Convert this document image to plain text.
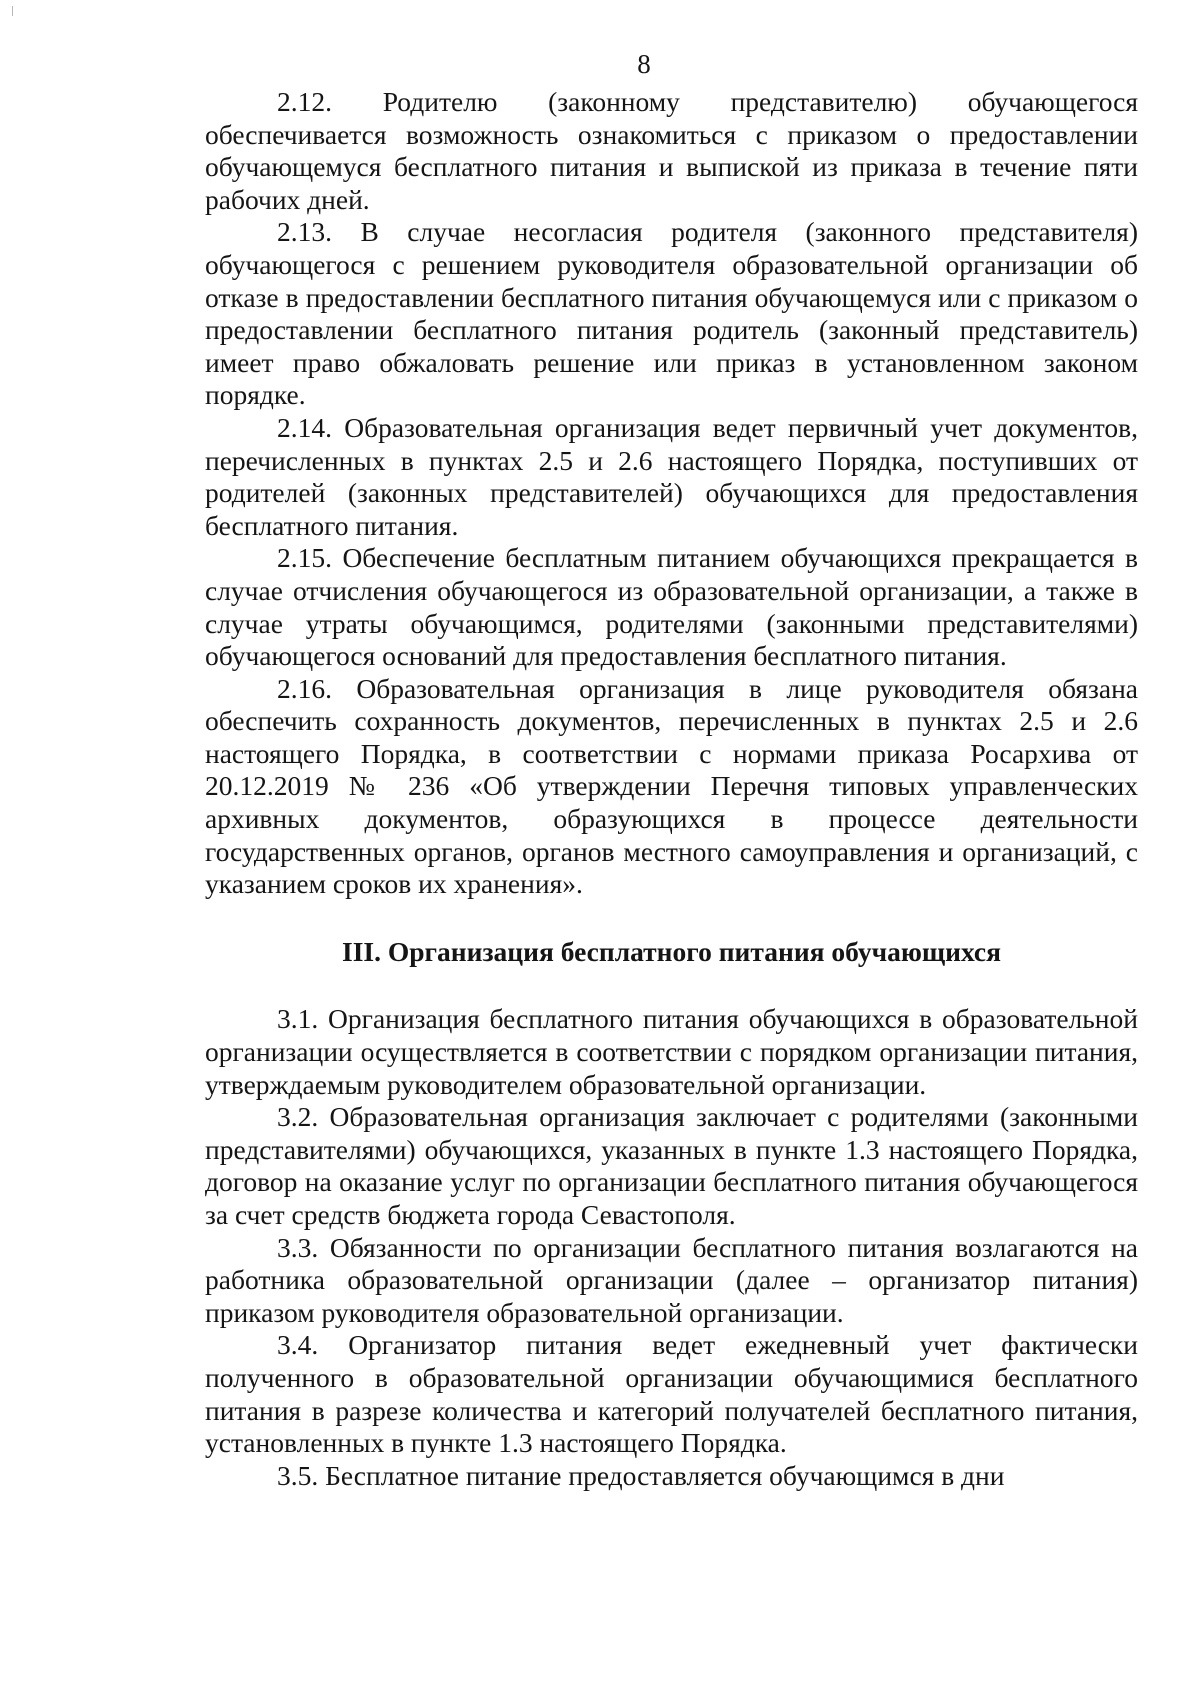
8

2.12. Родителю (законному представителю) обучающегося обеспечивается возможность ознакомиться с приказом о предоставлении обучающемуся бесплатного питания и выпиской из приказа в течение пяти рабочих дней.

2.13. В случае несогласия родителя (законного представителя) обучающегося с решением руководителя образовательной организации об отказе в предоставлении бесплатного питания обучающемуся или с приказом о предоставлении бесплатного питания родитель (законный представитель) имеет право обжаловать решение или приказ в установленном законом порядке.

2.14. Образовательная организация ведет первичный учет документов, перечисленных в пунктах 2.5 и 2.6 настоящего Порядка, поступивших от родителей (законных представителей) обучающихся для предоставления бесплатного питания.

2.15. Обеспечение бесплатным питанием обучающихся прекращается в случае отчисления обучающегося из образовательной организации, а также в случае утраты обучающимся, родителями (законными представителями) обучающегося оснований для предоставления бесплатного питания.

2.16. Образовательная организация в лице руководителя обязана обеспечить сохранность документов, перечисленных в пунктах 2.5 и 2.6 настоящего Порядка, в соответствии с нормами приказа Росархива от 20.12.2019 № 236 «Об утверждении Перечня типовых управленческих архивных документов, образующихся в процессе деятельности государственных органов, органов местного самоуправления и организаций, с указанием сроков их хранения».

III. Организация бесплатного питания обучающихся

3.1. Организация бесплатного питания обучающихся в образовательной организации осуществляется в соответствии с порядком организации питания, утверждаемым руководителем образовательной организации.

3.2. Образовательная организация заключает с родителями (законными представителями) обучающихся, указанных в пункте 1.3 настоящего Порядка, договор на оказание услуг по организации бесплатного питания обучающегося за счет средств бюджета города Севастополя.

3.3. Обязанности по организации бесплатного питания возлагаются на работника образовательной организации (далее – организатор питания) приказом руководителя образовательной организации.

3.4. Организатор питания ведет ежедневный учет фактически полученного в образовательной организации обучающимися бесплатного питания в разрезе количества и категорий получателей бесплатного питания, установленных в пункте 1.3 настоящего Порядка.

3.5. Бесплатное питание предоставляется обучающимся в дни
